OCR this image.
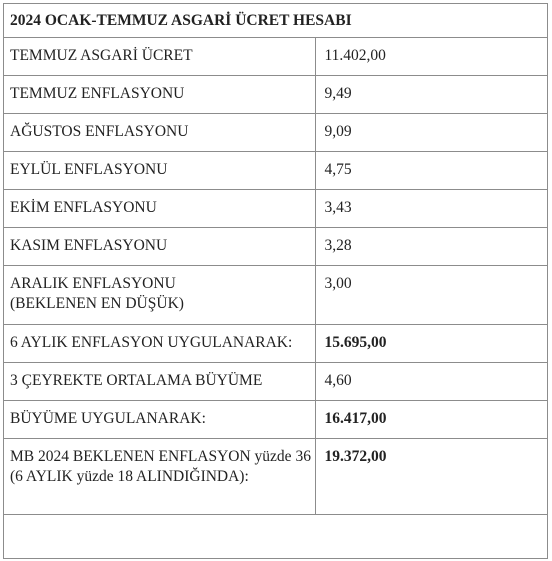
2024 OCAK-TEMMUZ ASGARİ ÜCRET HESABI	
TEMMUZ ASGARİ ÜCRET	11.402,00
TEMMUZ ENFLASYONU	9,49
AĞUSTOS ENFLASYONU	9,09
EYLÜL ENFLASYONU	4,75
EKİM ENFLASYONU	3,43
KASIM ENFLASYONU	3,28
ARALIK ENFLASYONU
(BEKLENEN EN DÜŞÜK)	3,00
6 AYLIK ENFLASYON UYGULANARAK:	15.695,00
3 ÇEYREKTE ORTALAMA BÜYÜME	4,60
BÜYÜME UYGULANARAK:	16.417,00
MB 2024 BEKLENEN ENFLASYON yüzde 36
(6 AYLIK yüzde 18 ALINDIĞINDA):	19.372,00
